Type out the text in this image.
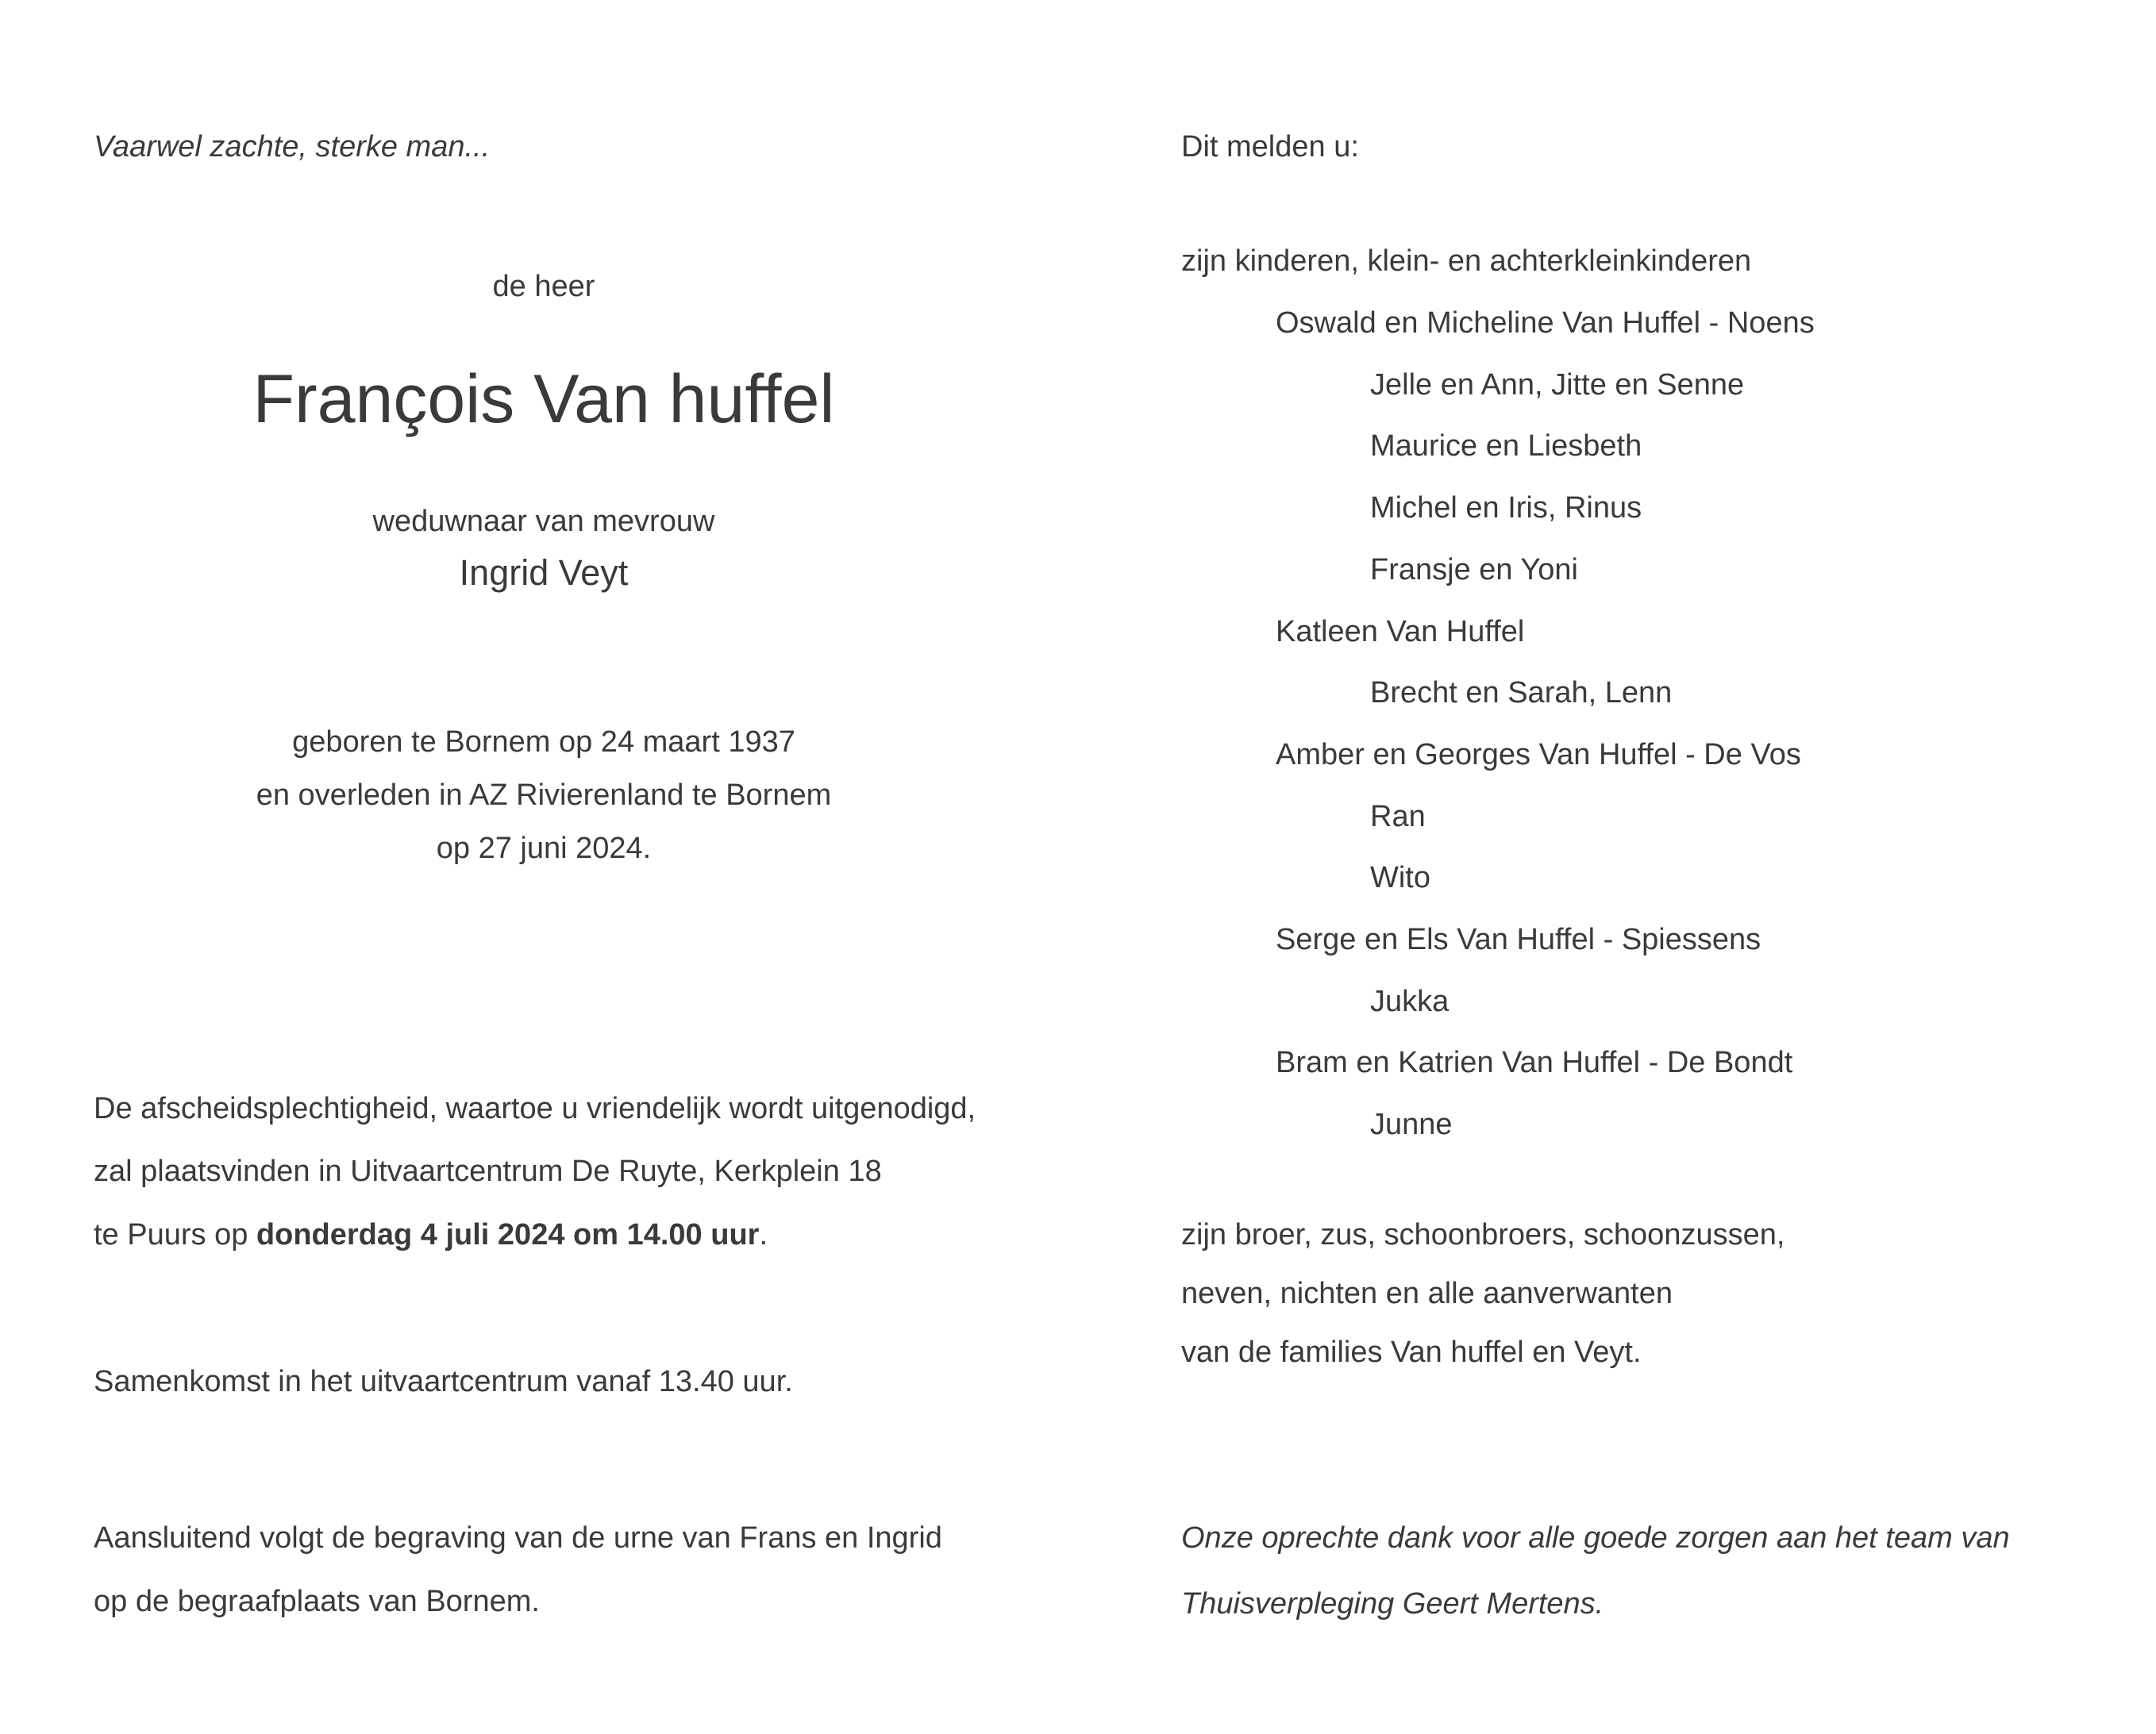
Vaarwel zachte, sterke man...
de heer
François Van huffel
weduwnaar van mevrouw
Ingrid Veyt
geboren te Bornem op 24 maart 1937
en overleden in AZ Rivierenland te Bornem
op 27 juni 2024.
De afscheidsplechtigheid, waartoe u vriendelijk wordt uitgenodigd,
zal plaatsvinden in Uitvaartcentrum De Ruyte, Kerkplein 18
te Puurs op donderdag 4 juli 2024 om 14.00 uur.
Samenkomst in het uitvaartcentrum vanaf 13.40 uur.
Aansluitend volgt de begraving van de urne van Frans en Ingrid
op de begraafplaats van Bornem.
Dit melden u:
zijn kinderen, klein- en achterkleinkinderen
Oswald en Micheline Van Huffel - Noens
Jelle en Ann, Jitte en Senne
Maurice en Liesbeth
Michel en Iris, Rinus
Fransje en Yoni
Katleen Van Huffel
Brecht en Sarah, Lenn
Amber en Georges Van Huffel - De Vos
Ran
Wito
Serge en Els Van Huffel - Spiessens
Jukka
Bram en Katrien Van Huffel - De Bondt
Junne
zijn broer, zus, schoonbroers, schoonzussen,
neven, nichten en alle aanverwanten
van de families Van huffel en Veyt.
Onze oprechte dank voor alle goede zorgen aan het team van
Thuisverpleging Geert Mertens.
